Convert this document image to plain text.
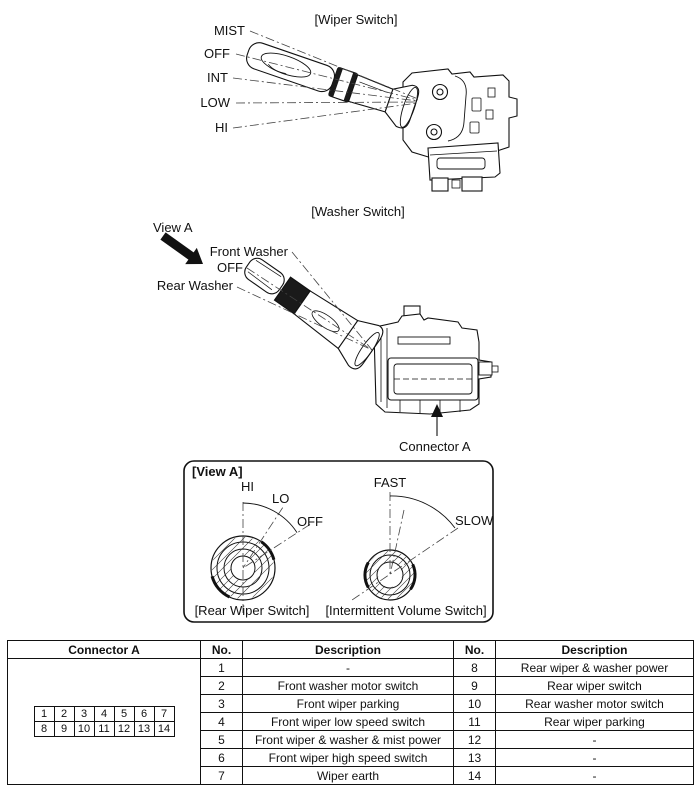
[Wiper Switch]
MIST
OFF
INT
LOW
HI
[Washer Switch]
View A
Front Washer
OFF
Rear Washer
Connector A
[View A]
HI
LO
OFF
FAST
SLOW
[Rear Wiper Switch]	[Intermittent Volume Switch]
Connector A	No.	Description	No.	Description

1	2	3	4	5	6	7
8	9	10	11	12	13	14
	1	-	8	Rear wiper & washer power
2	Front washer motor switch	9	Rear wiper switch
3	Front wiper parking	10	Rear washer motor switch
4	Front wiper low speed switch	11	Rear wiper parking
5	Front wiper & washer & mist power	12	-
6	Front wiper high speed switch	13	-
7	Wiper earth	14	-
